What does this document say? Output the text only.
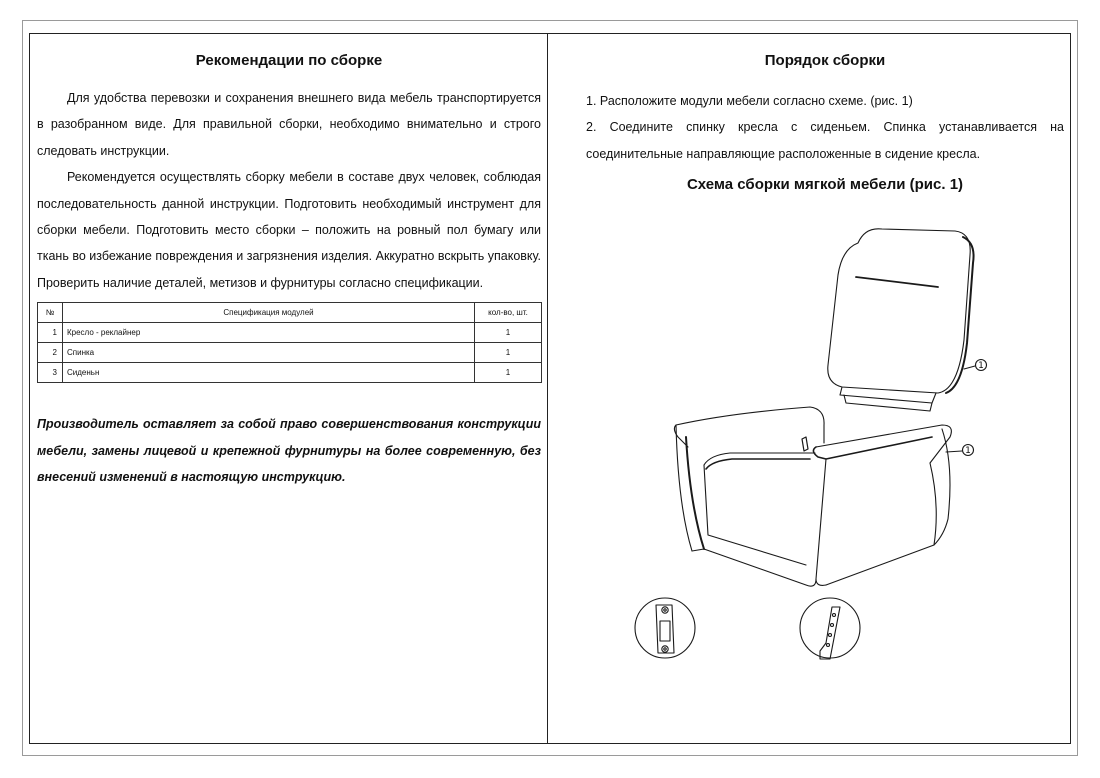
Рекомендации по сборке

Для удобства перевозки и сохранения внешнего вида мебель транспортируется в разобранном виде. Для правильной сборки, необходимо внимательно и строго следовать инструкции.

Рекомендуется осуществлять сборку мебели в составе двух человек, соблюдая последовательность данной инструкции. Подготовить необходимый инструмент для сборки мебели. Подготовить место сборки – положить на ровный пол бумагу или ткань во избежание повреждения и загрязнения изделия. Аккуратно вскрыть упаковку. Проверить наличие деталей, метизов и фурнитуры согласно спецификации.

№	Спецификация модулей	кол-во, шт.
1	Кресло - реклайнер	1
2	Спинка	1
3	Сиденьн	1
Производитель оставляет за собой право совершенствования конструкции мебели, замены лицевой и крепежной фурнитуры на более современную, без внесений изменений в настоящую инструкцию.
Порядок сборки

1. Расположите модули мебели согласно схеме. (рис. 1)

2. Соедините спинку кресла с сиденьем. Спинка устанавливается на соединительные направляющие расположенные в сидение кресла.

Схема сборки мягкой мебели (рис. 1)
1
1
